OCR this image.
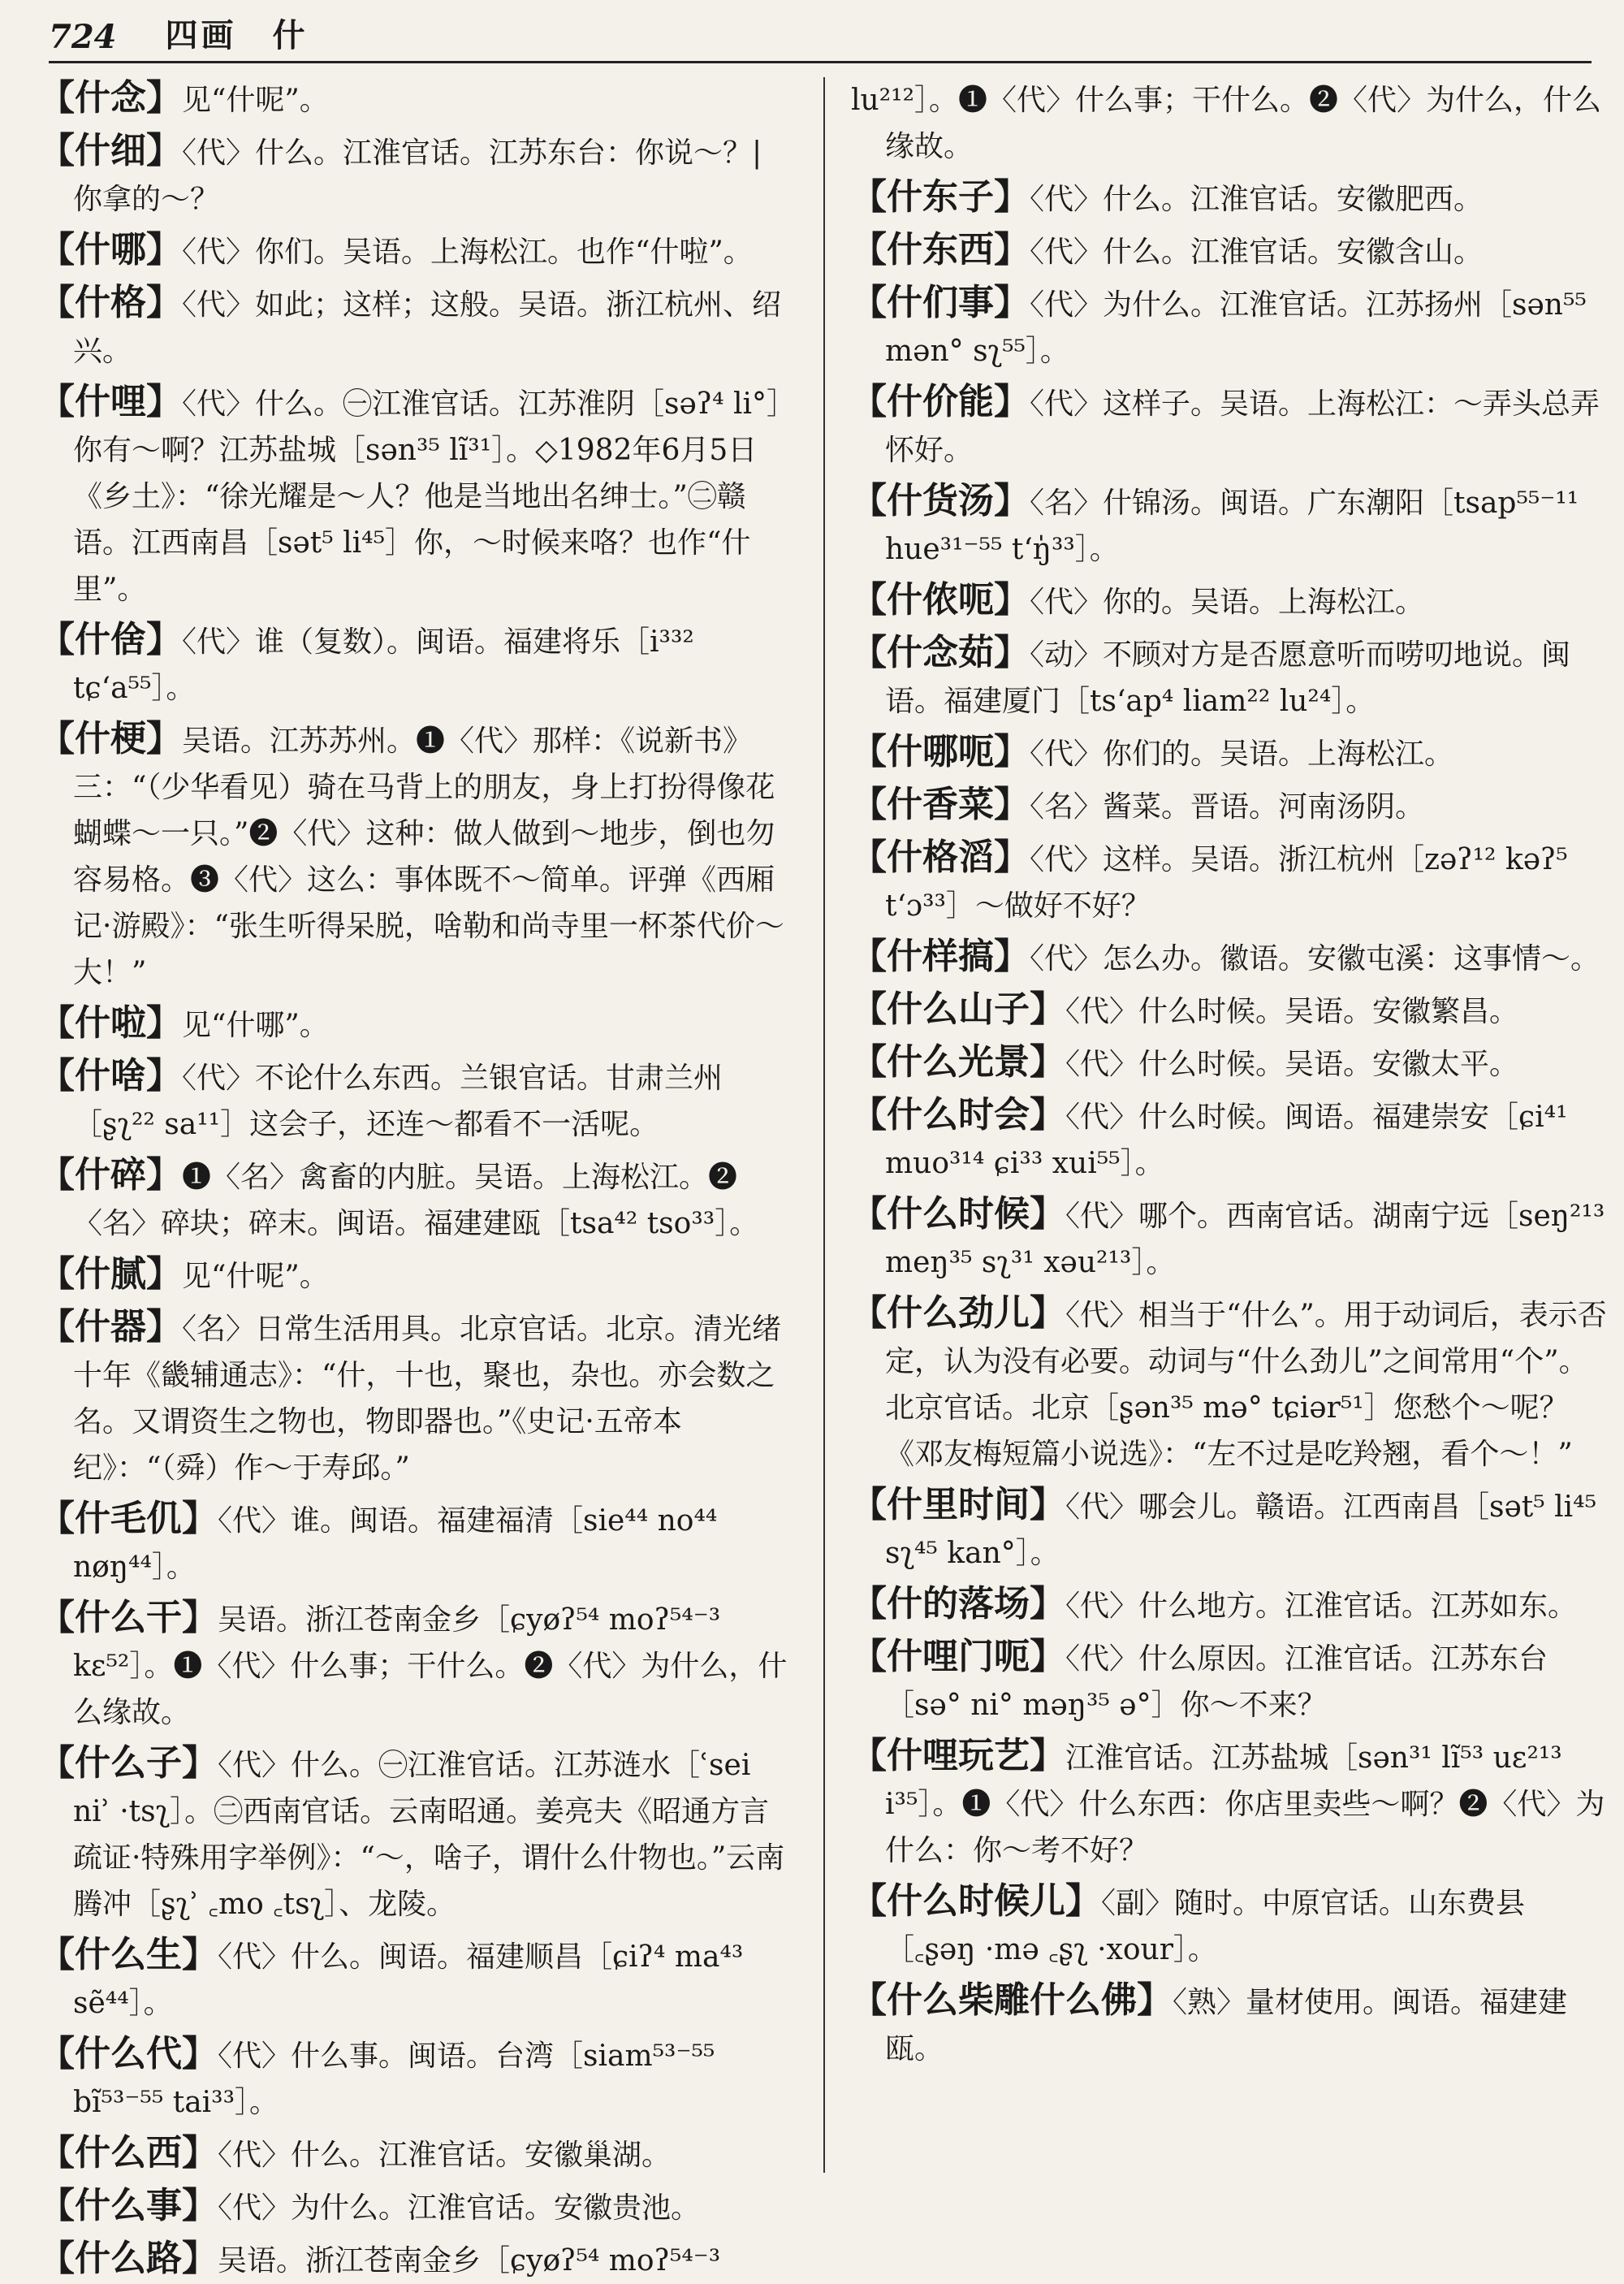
724 四画　什
【什念】见“什呢”。
【什细】〈代〉什么。江淮官话。江苏东台：你说～？| 你拿的～？
【什哪】〈代〉你们。吴语。上海松江。也作“什啦”。
【什格】〈代〉如此；这样；这般。吴语。浙江杭州、绍兴。
【什哩】〈代〉什么。㊀江淮官话。江苏淮阴［səʔ⁴ li°］你有～啊？江苏盐城［sən³⁵ lĩ³¹］。◇1982年6月5日《乡土》：“徐光耀是～人？他是当地出名绅士。”㊁赣语。江西南昌［sət⁵ li⁴⁵］你，～时候来咯？也作“什里”。
【什倽】〈代〉谁（复数）。闽语。福建将乐［i³³² tɕʻa⁵⁵］。
【什梗】吴语。江苏苏州。❶〈代〉那样：《说新书》三：“（少华看见）骑在马背上的朋友，身上打扮得像花蝴蝶～一只。”❷〈代〉这种：做人做到～地步，倒也勿容易格。❸〈代〉这么：事体既不～简单。评弹《西厢记·游殿》：“张生听得呆脱，啥勒和尚寺里一杯茶代价～大！”
【什啦】见“什哪”。
【什啥】〈代〉不论什么东西。兰银官话。甘肃兰州［ʂʅ²² sa¹¹］这会子，还连～都看不一活呢。
【什碎】❶〈名〉禽畜的内脏。吴语。上海松江。❷〈名〉碎块；碎末。闽语。福建建瓯［tsa⁴² tso³³］。
【什腻】见“什呢”。
【什器】〈名〉日常生活用具。北京官话。北京。清光绪十年《畿辅通志》：“什，十也，聚也，杂也。亦会数之名。又谓资生之物也，物即器也。”《史记·五帝本纪》：“（舜）作～于寿邱。”
【什毛仉】〈代〉谁。闽语。福建福清［sie⁴⁴ no⁴⁴ nøŋ⁴⁴］。
【什么干】吴语。浙江苍南金乡［ɕyøʔ⁵⁴ moʔ⁵⁴⁻³ kɛ⁵²］。❶〈代〉什么事；干什么。❷〈代〉为什么，什么缘故。
【什么子】〈代〉什么。㊀江淮官话。江苏涟水［ʿsei niʾ ·tsʅ］。㊁西南官话。云南昭通。姜亮夫《昭通方言疏证·特殊用字举例》：“～，啥子，谓什么什物也。”云南腾冲［ʂʅʾ ꜀mo ꜀tsʅ］、龙陵。
【什么生】〈代〉什么。闽语。福建顺昌［ɕiʔ⁴ ma⁴³ sẽ⁴⁴］。
【什么代】〈代〉什么事。闽语。台湾［siam⁵³⁻⁵⁵ bĩ⁵³⁻⁵⁵ tai³³］。
【什么西】〈代〉什么。江淮官话。安徽巢湖。
【什么事】〈代〉为什么。江淮官话。安徽贵池。
【什么路】吴语。浙江苍南金乡［ɕyøʔ⁵⁴ moʔ⁵⁴⁻³
lu²¹²］。❶〈代〉什么事；干什么。❷〈代〉为什么，什么缘故。
【什东子】〈代〉什么。江淮官话。安徽肥西。
【什东西】〈代〉什么。江淮官话。安徽含山。
【什们事】〈代〉为什么。江淮官话。江苏扬州［sən⁵⁵ mən° sʅ⁵⁵］。
【什价能】〈代〉这样子。吴语。上海松江：～弄头总弄怀好。
【什货汤】〈名〉什锦汤。闽语。广东潮阳［tsap⁵⁵⁻¹¹ hue³¹⁻⁵⁵ tʻŋ̍³³］。
【什侬呃】〈代〉你的。吴语。上海松江。
【什念茹】〈动〉不顾对方是否愿意听而唠叨地说。闽语。福建厦门［tsʻap⁴ liam²² lu²⁴］。
【什哪呃】〈代〉你们的。吴语。上海松江。
【什香菜】〈名〉酱菜。晋语。河南汤阴。
【什格滔】〈代〉这样。吴语。浙江杭州［zəʔ¹² kəʔ⁵ tʻɔ³³］～做好不好？
【什样搞】〈代〉怎么办。徽语。安徽屯溪：这事情～。
【什么山子】〈代〉什么时候。吴语。安徽繁昌。
【什么光景】〈代〉什么时候。吴语。安徽太平。
【什么时会】〈代〉什么时候。闽语。福建崇安［ɕi⁴¹ muo³¹⁴ ɕi³³ xui⁵⁵］。
【什么时候】〈代〉哪个。西南官话。湖南宁远［seŋ²¹³ meŋ³⁵ sʅ³¹ xəu²¹³］。
【什么劲儿】〈代〉相当于“什么”。用于动词后，表示否定，认为没有必要。动词与“什么劲儿”之间常用“个”。北京官话。北京［ʂən³⁵ mə° tɕiər⁵¹］您愁个～呢？《邓友梅短篇小说选》：“左不过是吃羚翘，看个～！”
【什里时间】〈代〉哪会儿。赣语。江西南昌［sət⁵ li⁴⁵ sʅ⁴⁵ kan°］。
【什的落场】〈代〉什么地方。江淮官话。江苏如东。
【什哩门呃】〈代〉什么原因。江淮官话。江苏东台［sə° ni° məŋ³⁵ ə°］你～不来？
【什哩玩艺】江淮官话。江苏盐城［sən³¹ lĩ⁵³ uɛ²¹³ i³⁵］。❶〈代〉什么东西：你店里卖些～啊？❷〈代〉为什么：你～考不好？
【什么时候儿】〈副〉随时。中原官话。山东费县［꜀ʂəŋ ·mə ꜀ʂʅ ·xour］。
【什么柴雕什么佛】〈熟〉量材使用。闽语。福建建瓯。
